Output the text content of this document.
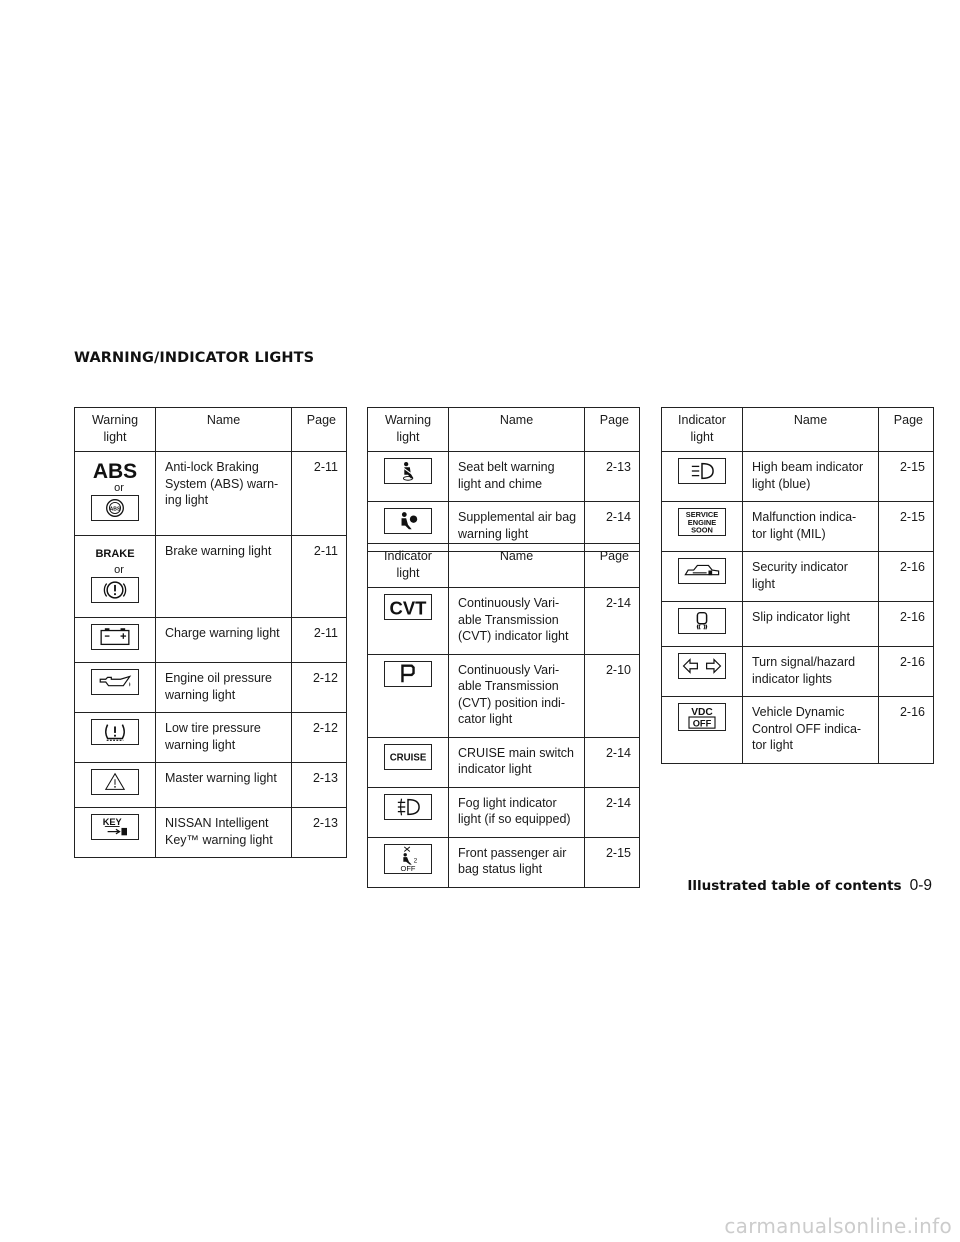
WARNING/INDICATOR LIGHTS
Warning light	Name	Page

ABS
or
ABS	Anti-lock Braking System (ABS) warn- ing light	2-11

BRAKE
or	Brake warning light	2-11

	Charge warning light	2-11

	Engine oil pressure warning light	2-12

	Low tire pressure warning light	2-12

	Master warning light	2-13

KEY	NISSAN Intelligent Key™ warning light	2-13
Warning light	Name	Page

	Seat belt warning light and chime	2-13

	Supplemental air bag warning light	2-14
Indicator light	Name	Page

CVT	Continuously Vari- able Transmission (CVT) indicator light	2-14

	Continuously Vari- able Transmission (CVT) position indi- cator light	2-10

CRUISE	CRUISE main switch indicator light	2-14

	Fog light indicator light (if so equipped)	2-14

2
OFF	Front passenger air bag status light	2-15
Indicator light	Name	Page

	High beam indicator light (blue)	2-15

SERVICE
ENGINE
SOON	Malfunction indica- tor light (MIL)	2-15

	Security indicator light	2-16

	Slip indicator light	2-16

	Turn signal/hazard indicator lights	2-16

VDC
OFF	Vehicle Dynamic Control OFF indica- tor light	2-16
Illustrated table of contents 0-9
carmanualsonline.info
